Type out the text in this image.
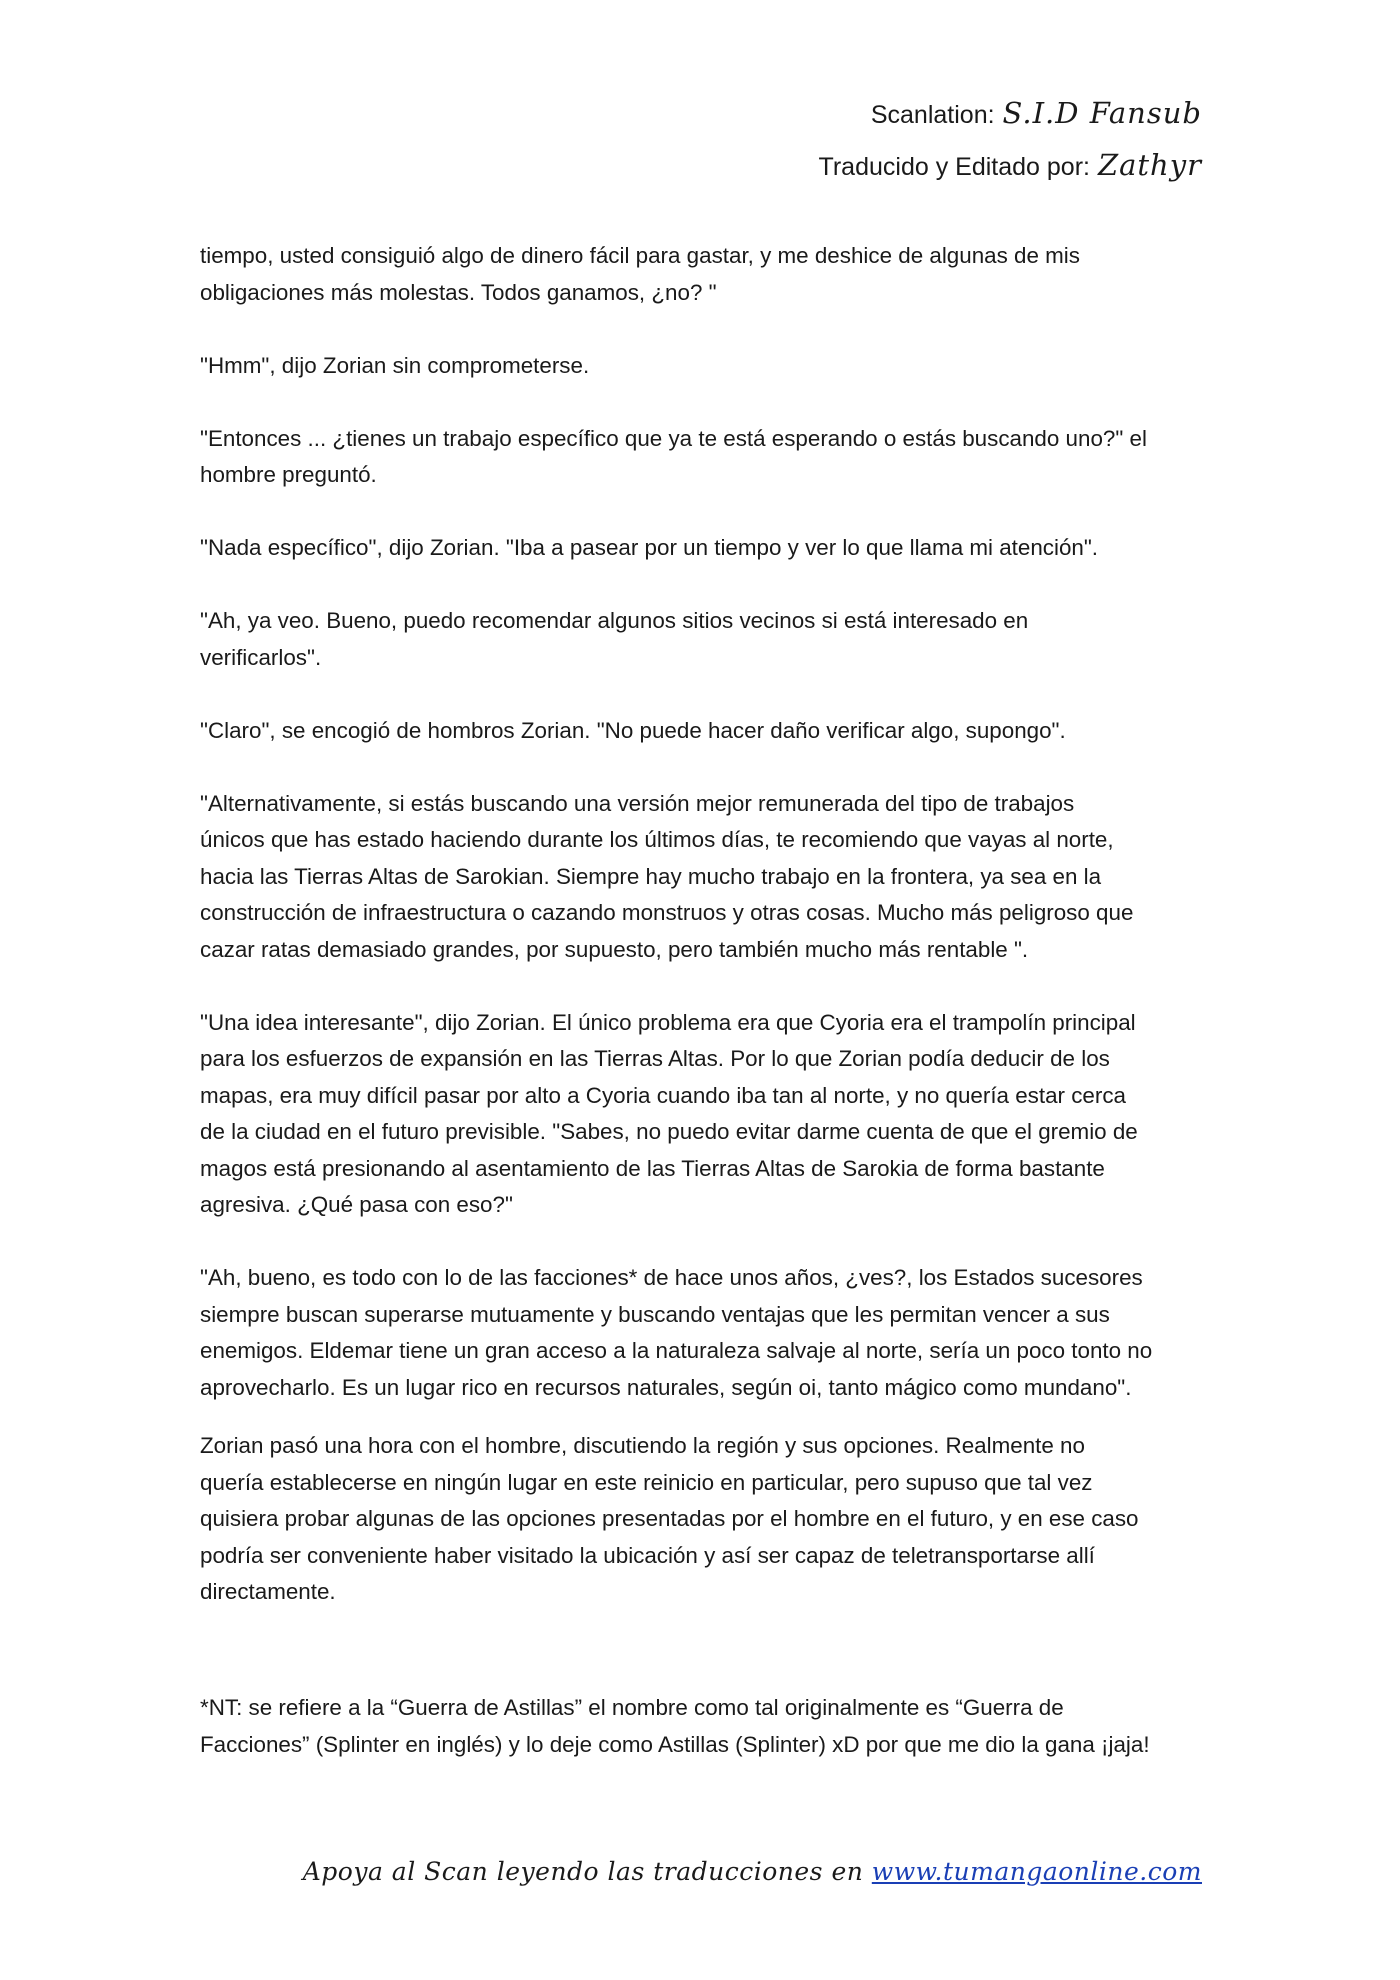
Scanlation: S.I.D Fansub
Traducido y Editado por: Zathyr

tiempo, usted consiguió algo de dinero fácil para gastar, y me deshice de algunas de mis
obligaciones más molestas. Todos ganamos, ¿no? "

"Hmm", dijo Zorian sin comprometerse.

"Entonces ... ¿tienes un trabajo específico que ya te está esperando o estás buscando uno?" el
hombre preguntó.

"Nada específico", dijo Zorian. "Iba a pasear por un tiempo y ver lo que llama mi atención".

"Ah, ya veo. Bueno, puedo recomendar algunos sitios vecinos si está interesado en
verificarlos".

"Claro", se encogió de hombros Zorian. "No puede hacer daño verificar algo, supongo".

"Alternativamente, si estás buscando una versión mejor remunerada del tipo de trabajos
únicos que has estado haciendo durante los últimos días, te recomiendo que vayas al norte,
hacia las Tierras Altas de Sarokian. Siempre hay mucho trabajo en la frontera, ya sea en la
construcción de infraestructura o cazando monstruos y otras cosas. Mucho más peligroso que
cazar ratas demasiado grandes, por supuesto, pero también mucho más rentable ".

"Una idea interesante", dijo Zorian. El único problema era que Cyoria era el trampolín principal
para los esfuerzos de expansión en las Tierras Altas. Por lo que Zorian podía deducir de los
mapas, era muy difícil pasar por alto a Cyoria cuando iba tan al norte, y no quería estar cerca
de la ciudad en el futuro previsible. "Sabes, no puedo evitar darme cuenta de que el gremio de
magos está presionando al asentamiento de las Tierras Altas de Sarokia de forma bastante
agresiva. ¿Qué pasa con eso?"

"Ah, bueno, es todo con lo de las facciones* de hace unos años, ¿ves?, los Estados sucesores
siempre buscan superarse mutuamente y buscando ventajas que les permitan vencer a sus
enemigos. Eldemar tiene un gran acceso a la naturaleza salvaje al norte, sería un poco tonto no
aprovecharlo. Es un lugar rico en recursos naturales, según oi, tanto mágico como mundano".

Zorian pasó una hora con el hombre, discutiendo la región y sus opciones. Realmente no
quería establecerse en ningún lugar en este reinicio en particular, pero supuso que tal vez
quisiera probar algunas de las opciones presentadas por el hombre en el futuro, y en ese caso
podría ser conveniente haber visitado la ubicación y así ser capaz de teletransportarse allí
directamente.

*NT: se refiere a la “Guerra de Astillas” el nombre como tal originalmente es “Guerra de
Facciones” (Splinter en inglés) y lo deje como Astillas (Splinter) xD por que me dio la gana ¡jaja!
Apoya al Scan leyendo las traducciones en www.tumangaonline.com
